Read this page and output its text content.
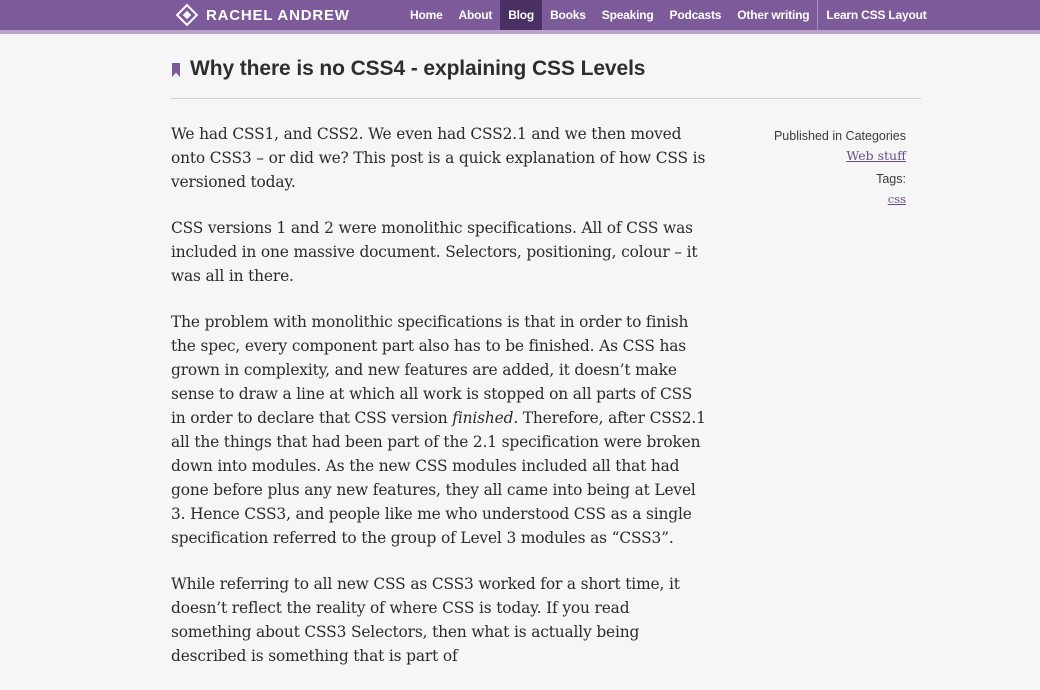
RACHEL ANDREW	Home	About	Blog	Books	Speaking	Podcasts	Other writing	Learn CSS Layout
Why there is no CSS4 - explaining CSS Levels

We had CSS1, and CSS2. We even had CSS2.1 and we then moved onto CSS3 – or did we? This post is a quick explanation of how CSS is versioned today.

CSS versions 1 and 2 were monolithic specifications. All of CSS was included in one massive document. Selectors, positioning, colour – it was all in there.

The problem with monolithic specifications is that in order to finish the spec, every component part also has to be finished. As CSS has grown in complexity, and new features are added, it doesn’t make sense to draw a line at which all work is stopped on all parts of CSS in order to declare that CSS version finished. Therefore, after CSS2.1 all the things that had been part of the 2.1 specification were broken down into modules. As the new CSS modules included all that had gone before plus any new features, they all came into being at Level 3. Hence CSS3, and people like me who understood CSS as a single specification referred to the group of Level 3 modules as “CSS3”.

While referring to all new CSS as CSS3 worked for a short time, it doesn’t reflect the reality of where CSS is today. If you read something about CSS3 Selectors, then what is actually being described is something that is part of

Published in Categories
Web stuff
Tags:
css
